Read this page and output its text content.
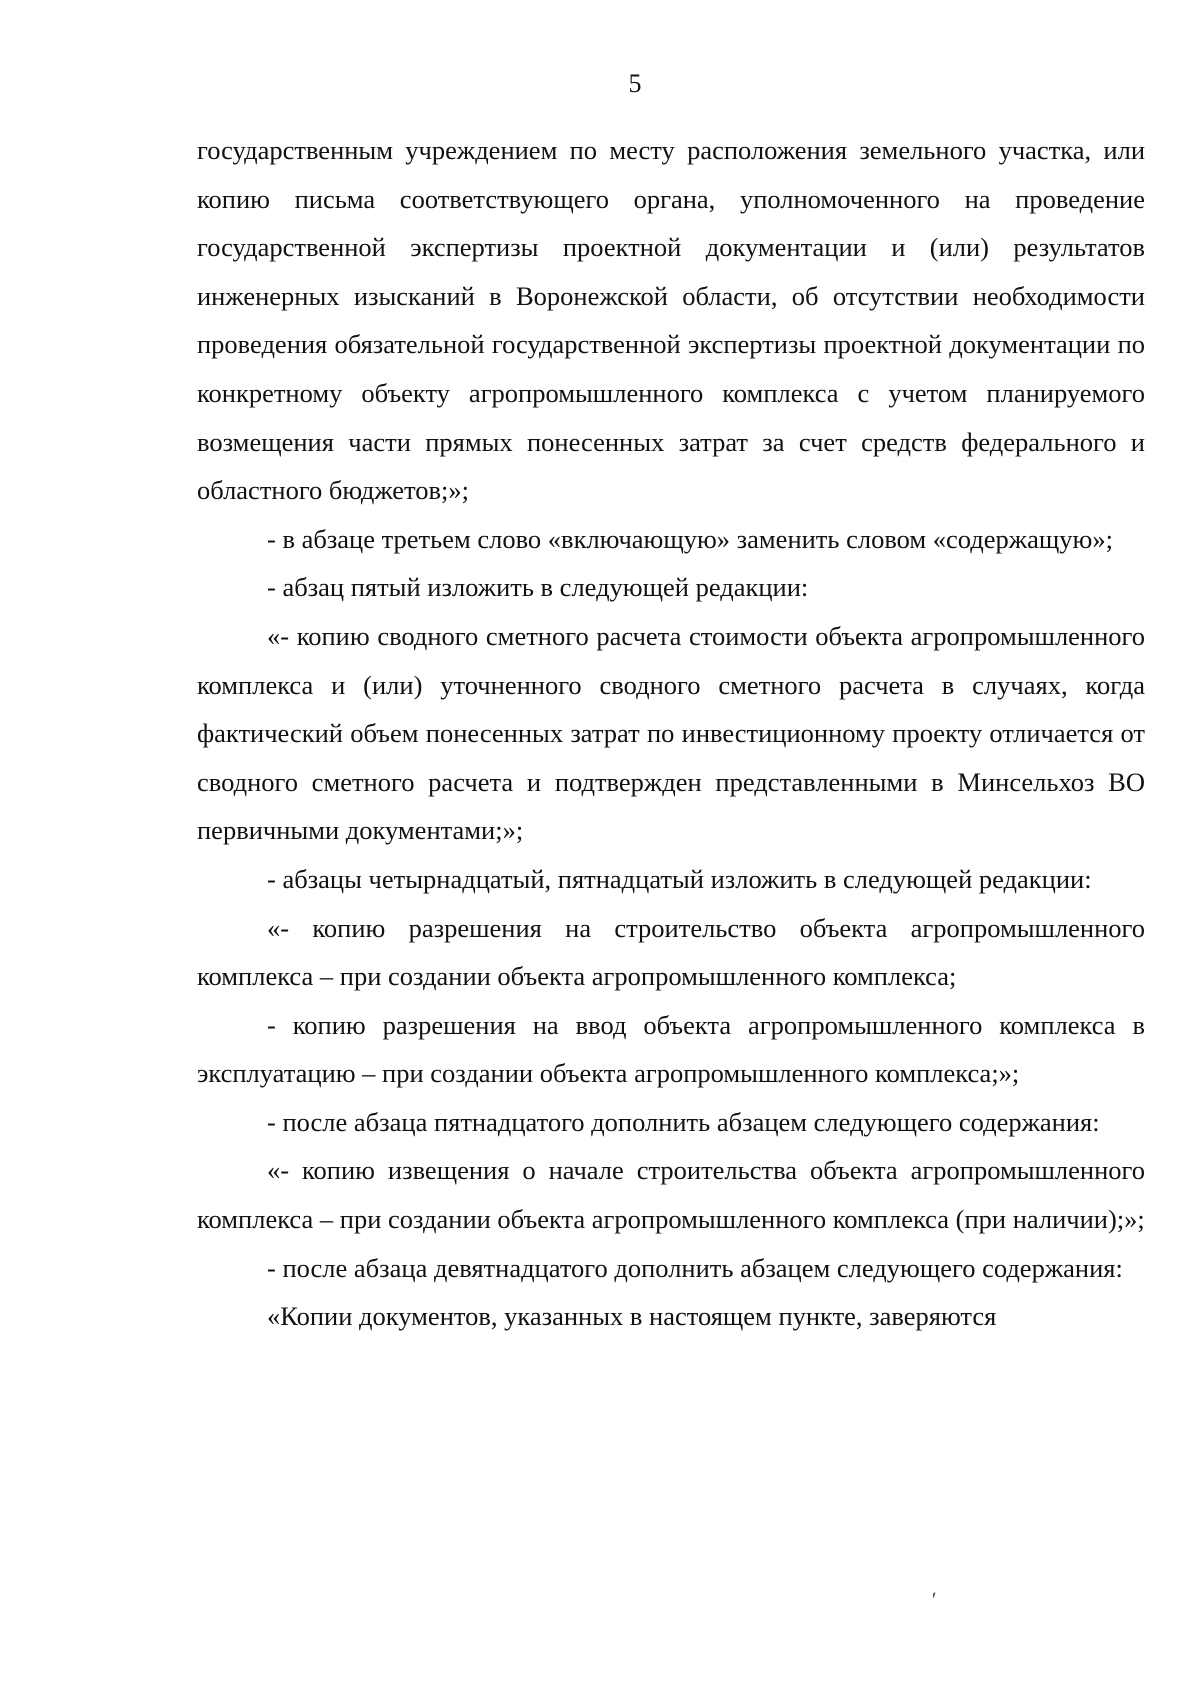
5

государственным учреждением по месту расположения земельного участка, или копию письма соответствующего органа, уполномоченного на проведение государственной экспертизы проектной документации и (или) результатов инженерных изысканий в Воронежской области, об отсутствии необходимости проведения обязательной государственной экспертизы проектной документации по конкретному объекту агропромышленного комплекса с учетом планируемого возмещения части прямых понесенных затрат за счет средств федерального и областного бюджетов;»;

- в абзаце третьем слово «включающую» заменить словом «содержащую»;

- абзац пятый изложить в следующей редакции:

«- копию сводного сметного расчета стоимости объекта агропромышленного комплекса и (или) уточненного сводного сметного расчета в случаях, когда фактический объем понесенных затрат по инвестиционному проекту отличается от сводного сметного расчета и подтвержден представленными в Минсельхоз ВО первичными документами;»;

- абзацы четырнадцатый, пятнадцатый изложить в следующей редакции:

«- копию разрешения на строительство объекта агропромышленного комплекса – при создании объекта агропромышленного комплекса;

- копию разрешения на ввод объекта агропромышленного комплекса в эксплуатацию – при создании объекта агропромышленного комплекса;»;

- после абзаца пятнадцатого дополнить абзацем следующего содержания:

«- копию извещения о начале строительства объекта агропромышленного комплекса – при создании объекта агропромышленного комплекса (при наличии);»;

- после абзаца девятнадцатого дополнить абзацем следующего содержания:

«Копии документов, указанных в настоящем пункте, заверяются

ʹ
